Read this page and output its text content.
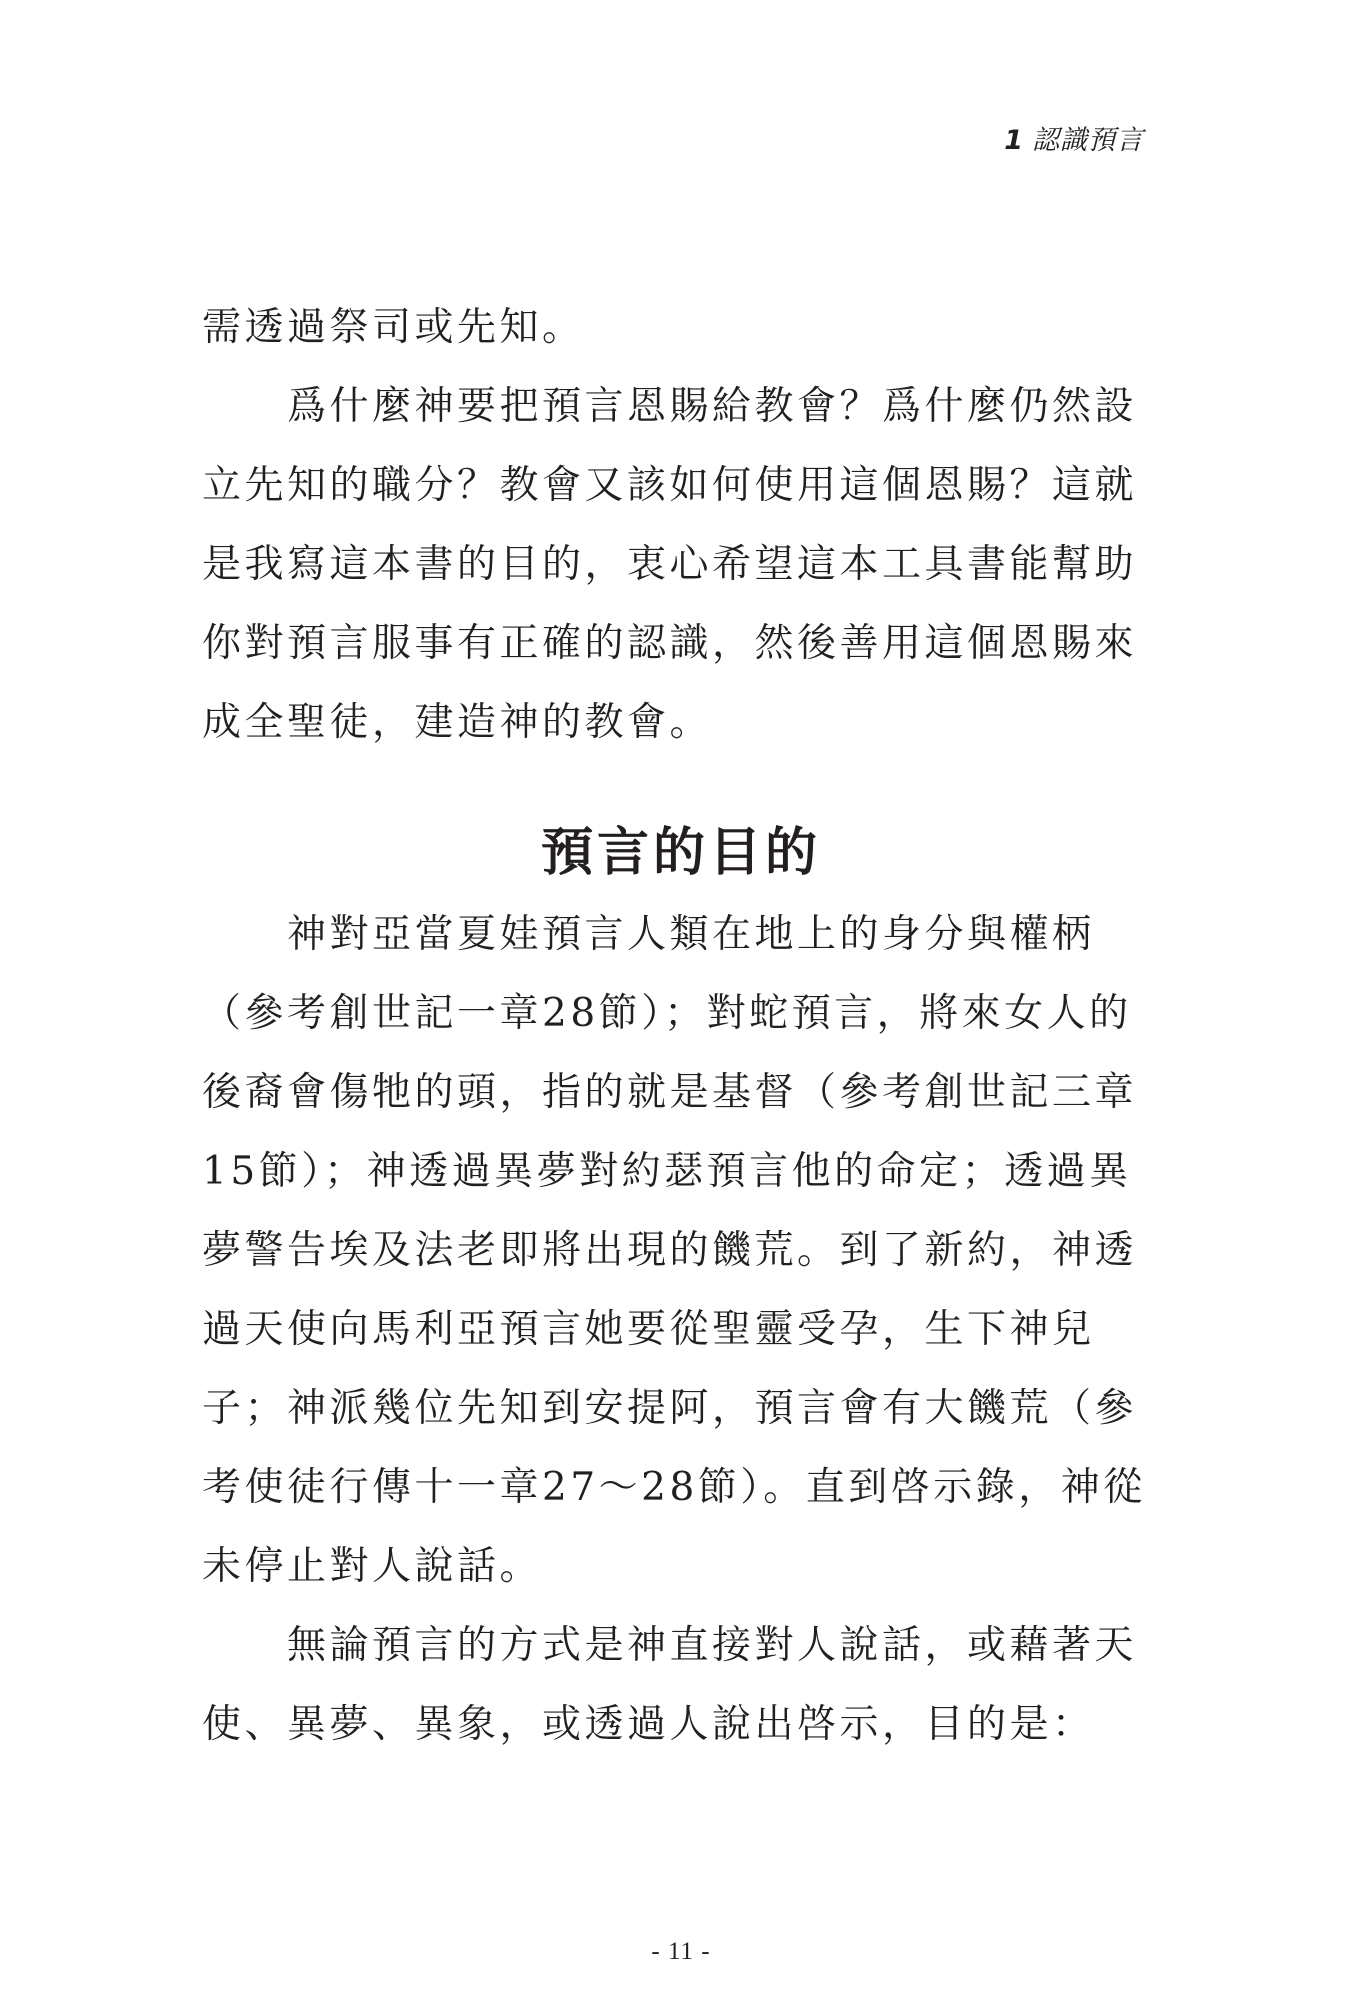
1 認識預言
需透過祭司或先知。
　　爲什麼神要把預言恩賜給教會？爲什麼仍然設
立先知的職分？教會又該如何使用這個恩賜？這就
是我寫這本書的目的，衷心希望這本工具書能幫助
你對預言服事有正確的認識，然後善用這個恩賜來
成全聖徒，建造神的教會。
預言的目的
　　神對亞當夏娃預言人類在地上的身分與權柄
（參考創世記一章28節）；對蛇預言，將來女人的
後裔會傷牠的頭，指的就是基督（參考創世記三章
15節）；神透過異夢對約瑟預言他的命定；透過異
夢警告埃及法老即將出現的饑荒。到了新約，神透
過天使向馬利亞預言她要從聖靈受孕，生下神兒
子；神派幾位先知到安提阿，預言會有大饑荒（參
考使徒行傳十一章27～28節）。直到啓示錄，神從
未停止對人說話。
　　無論預言的方式是神直接對人說話，或藉著天
使、異夢、異象，或透過人說出啓示，目的是：
- 11 -
